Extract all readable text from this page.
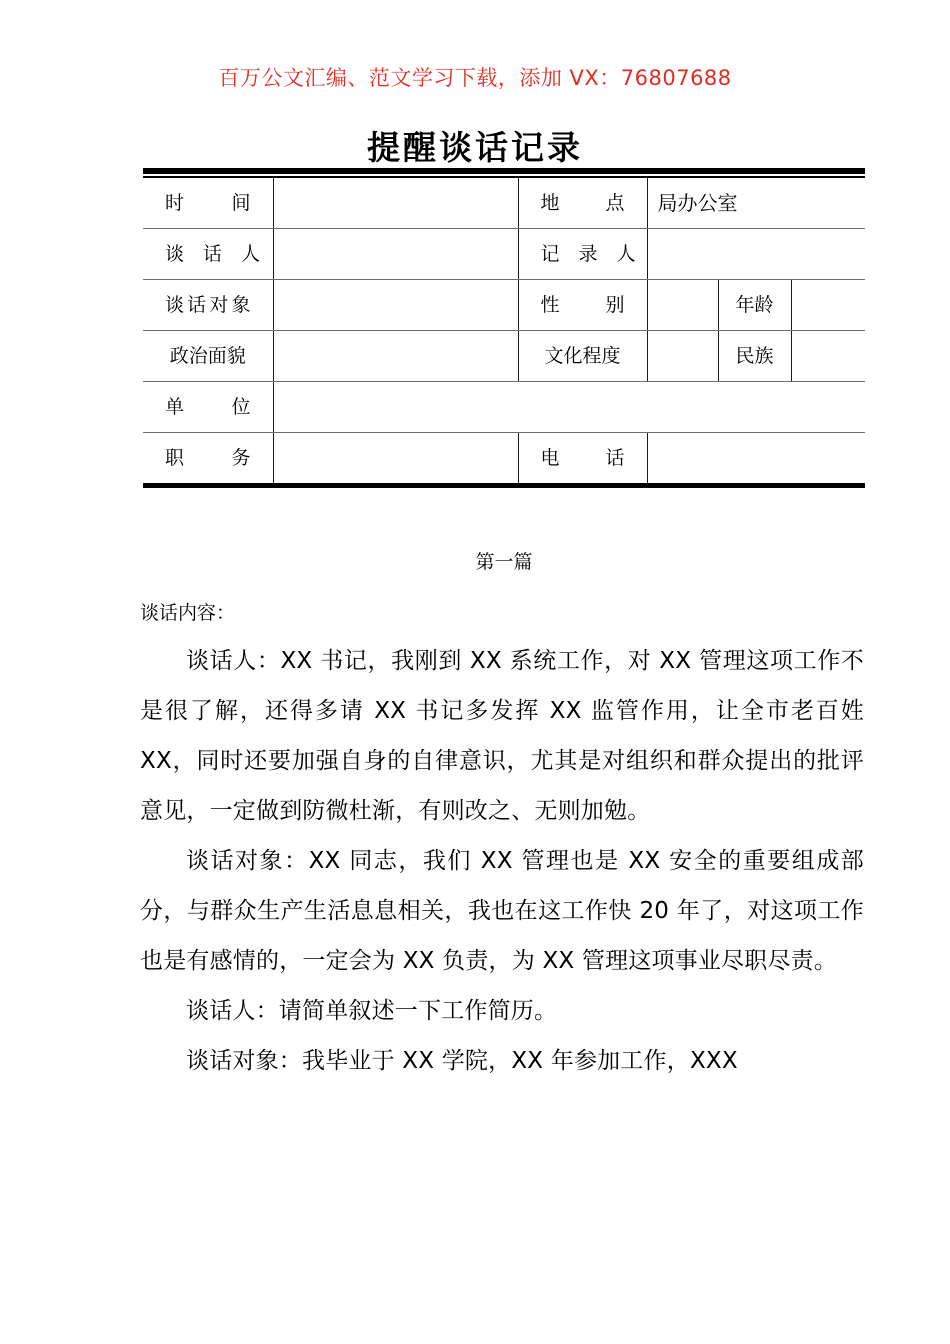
百万公文汇编、范文学习下载，添加 VX：76807688
提醒谈话记录
时　　间		地　　点	局办公室		

谈　话　人		记　录　人			

谈话对象		性　　别		年龄	

政治面貌		文化程度		民族	

单　　位					

职　　务		电　　话			

第一篇
谈话内容：

谈话人：XX 书记，我刚到 XX 系统工作，对 XX 管理这项工作不是很了解，还得多请 XX 书记多发挥 XX 监管作用，让全市老百姓 XX，同时还要加强自身的自律意识，尤其是对组织和群众提出的批评意见，一定做到防微杜渐，有则改之、无则加勉。

谈话对象：XX 同志，我们 XX 管理也是 XX 安全的重要组成部分，与群众生产生活息息相关，我也在这工作快 20 年了，对这项工作也是有感情的，一定会为 XX 负责，为 XX 管理这项事业尽职尽责。

谈话人：请简单叙述一下工作简历。

谈话对象：我毕业于 XX 学院，XX 年参加工作，XXX
